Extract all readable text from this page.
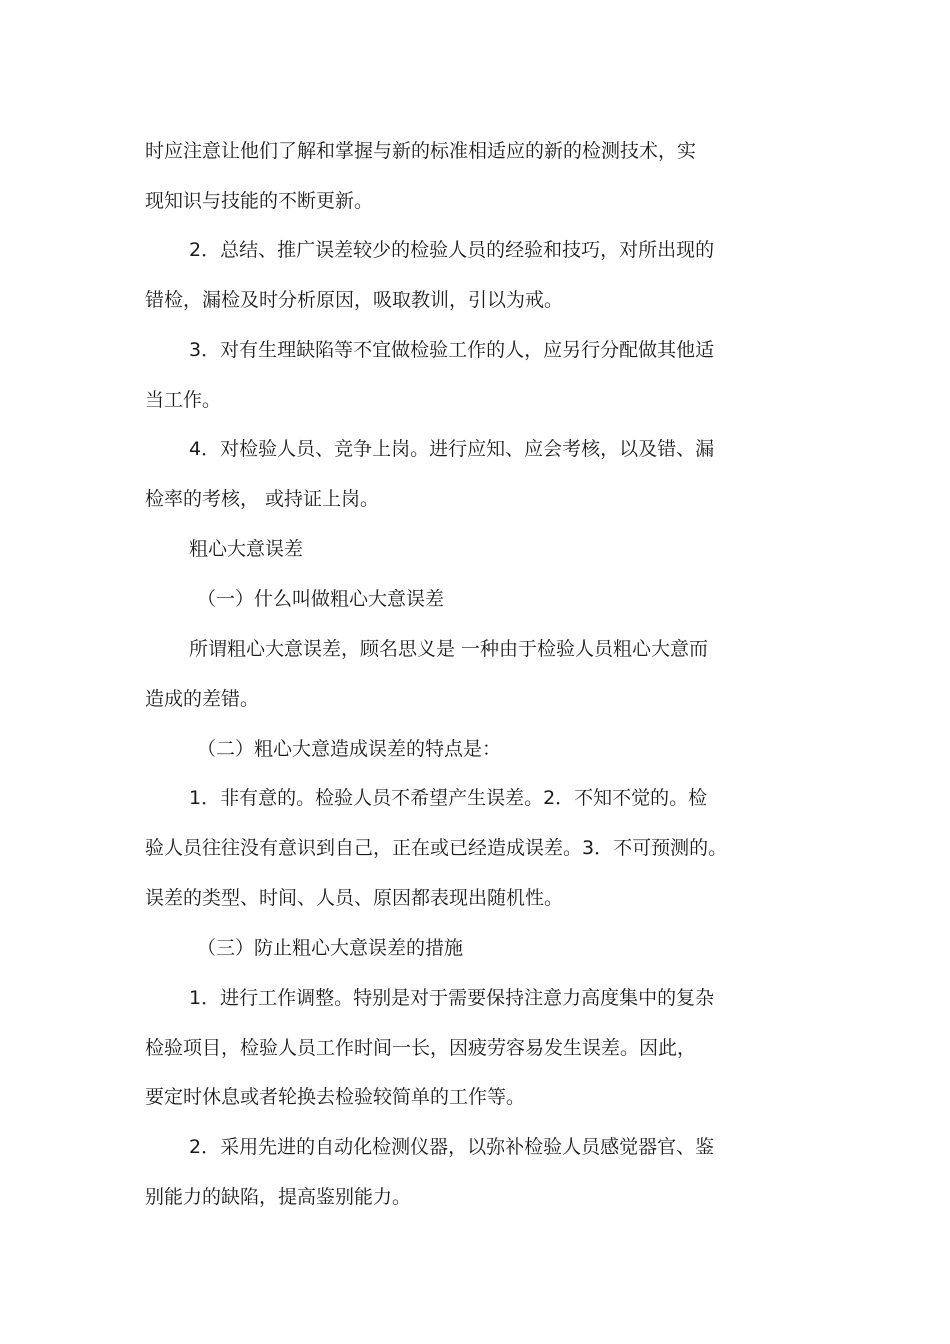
时应注意让他们了解和掌握与新的标准相适应的新的检测技术，实
现知识与技能的不断更新。
2．总结、推广误差较少的检验人员的经验和技巧，对所出现的
错检，漏检及时分析原因，吸取教训，引以为戒。
3．对有生理缺陷等不宜做检验工作的人，应另行分配做其他适
当工作。
4．对检验人员、竞争上岗。进行应知、应会考核，以及错、漏
检率的考核， 或持证上岗。
粗心大意误差
（一）什么叫做粗心大意误差
所谓粗心大意误差，顾名思义是 一种由于检验人员粗心大意而
造成的差错。
（二）粗心大意造成误差的特点是：
1．非有意的。检验人员不希望产生误差。2．不知不觉的。检
验人员往往没有意识到自己，正在或已经造成误差。3．不可预测的。
误差的类型、时间、人员、原因都表现出随机性。
（三）防止粗心大意误差的措施
1．进行工作调整。特别是对于需要保持注意力高度集中的复杂
检验项目，检验人员工作时间一长，因疲劳容易发生误差。因此，
要定时休息或者轮换去检验较简单的工作等。
2．采用先进的自动化检测仪器，以弥补检验人员感觉器官、鉴
别能力的缺陷，提高鉴别能力。
